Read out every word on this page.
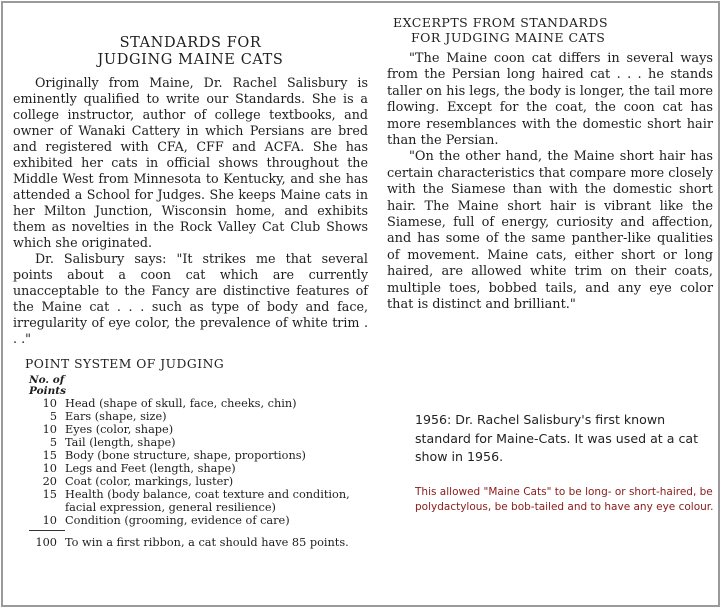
STANDARDS FOR
JUDGING MAINE CATS

Originally from Maine, Dr. Rachel Salisbury is eminently qualified to write our Standards. She is a college instructor, author of college textbooks, and owner of Wanaki Cattery in which Persians are bred and registered with CFA, CFF and ACFA. She has exhibited her cats in official shows throughout the Middle West from Minnesota to Kentucky, and she has attended a School for Judges. She keeps Maine cats in her Milton Junction, Wisconsin home, and exhibits them as novelties in the Rock Valley Cat Club Shows which she originated.

Dr. Salisbury says: "It strikes me that several points about a coon cat which are currently unacceptable to the Fancy are distinctive features of the Maine cat . . . such as type of body and face, irregularity of eye color, the prevalence of white trim . . ."

POINT SYSTEM OF JUDGING
No. of
Points
10	Head (shape of skull, face, cheeks, chin)
5	Ears (shape, size)
10	Eyes (color, shape)
5	Tail (length, shape)
15	Body (bone structure, shape, proportions)
10	Legs and Feet (length, shape)
20	Coat (color, markings, luster)
15	Health (body balance, coat texture and condition, facial expression, general resilience)
10	Condition (grooming, evidence of care)

100	To win a first ribbon, a cat should have 85 points.
EXCERPTS FROM STANDARDS
FOR JUDGING MAINE CATS

"The Maine coon cat differs in several ways from the Persian long haired cat . . . he stands taller on his legs, the body is longer, the tail more flowing. Except for the coat, the coon cat has more resemblances with the domestic short hair than the Persian.

"On the other hand, the Maine short hair has certain characteristics that compare more closely with the Siamese than with the domestic short hair. The Maine short hair is vibrant like the Siamese, full of energy, curiosity and affection, and has some of the same panther-like qualities of movement. Maine cats, either short or long haired, are allowed white trim on their coats, multiple toes, bobbed tails, and any eye color that is distinct and brilliant."

1956: Dr. Rachel Salisbury's first known standard for Maine-Cats. It was used at a cat show in 1956.

This allowed "Maine Cats" to be long- or short-haired, be polydactylous, be bob-tailed and to have any eye colour.
